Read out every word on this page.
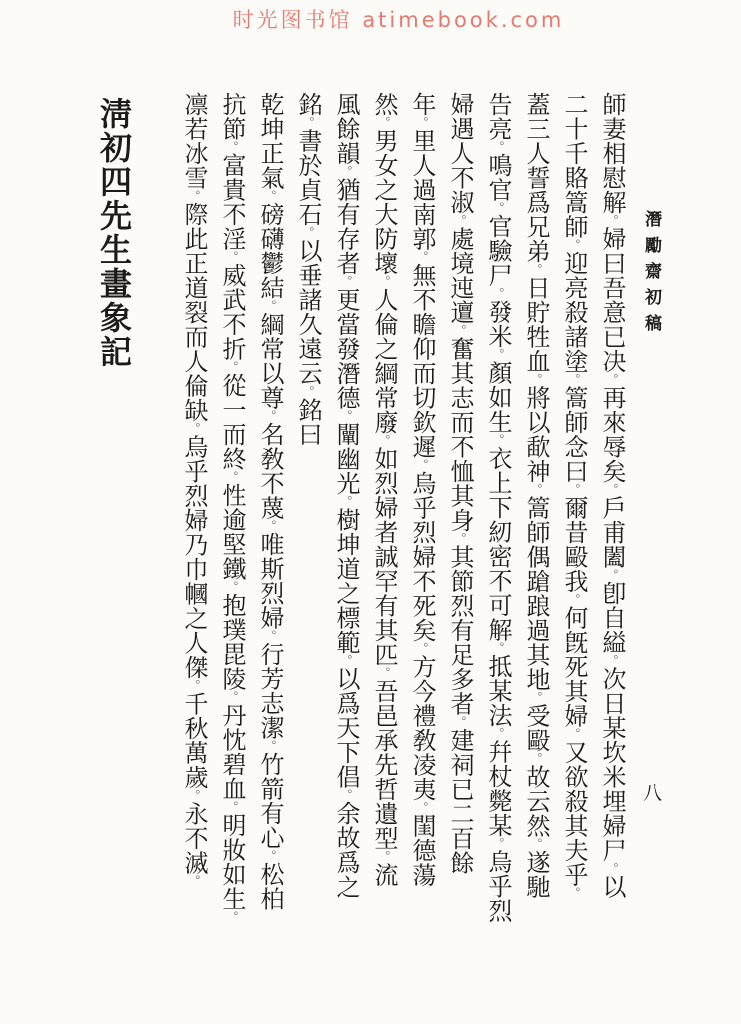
时光图书馆 atimebook.com
潛勵齋初稿 八
師妻相慰解。婦曰吾意已决。再來辱矣。戶甫闔。卽自縊。次日某坎米埋婦尸。以
二十千賂篙師。迎亮殺諸塗。篙師念曰。爾昔毆我。何旣死其婦。又欲殺其夫乎。
蓋三人誓爲兄弟。日貯牲血。將以歃神。篙師偶蹌踉過其地。受毆。故云然。遂馳
告亮。鳴官。官驗尸。發米。顏如生。衣上下紉密不可解。抵某法。幷杖斃某。烏乎烈
婦遇人不淑。處境迍邅。奮其志而不恤其身。其節烈有足多者。建祠已二百餘
年。里人過南郭。無不瞻仰而切欽遲。烏乎烈婦不死矣。方今禮敎凌夷。閨德蕩
然。男女之大防壞。人倫之綱常廢。如烈婦者誠罕有其匹。吾邑承先哲遺型。流
風餘韻。猶有存者。更當發潛德。闡幽光。樹坤道之標範。以爲天下倡。余故爲之
銘。書於貞石。以垂諸久遠云。銘曰
乾坤正氣。磅礴鬱結。綱常以尊。名敎不蔑。唯斯烈婦。行芳志潔。竹箭有心。松柏
抗節。富貴不淫。威武不折。從一而終。性逾堅鐵。抱璞毘陵。丹忱碧血。明妝如生。
凛若冰雪。際此正道裂而人倫缺。烏乎烈婦乃巾幗之人傑。千秋萬歲。永不滅。
淸初四先生畫象記
